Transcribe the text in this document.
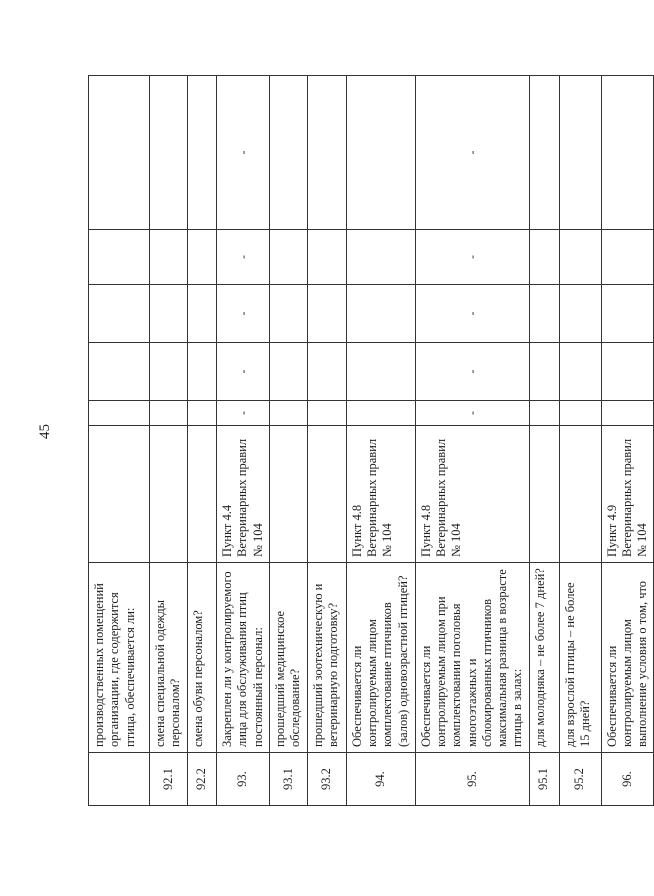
45
	производственных помещений организации, где содержится птица, обеспечивается ли:						
92.1	смена специальной одежды персоналом?						
92.2	смена обуви персоналом?						
93.	Закреплен ли у контролируемого лица для обслуживания птиц постоянный персонал:	Пункт 4.4 Ветеринарных правил № 104	-	-	-	-	-
93.1	прошедший медицинское обследование?						
93.2	прошедший зоотехническую и ветеринарную подготовку?						
94.	Обеспечивается ли контролируемым лицом комплектование птичников (залов) одновозрастной птицей?	Пункт 4.8 Ветеринарных правил № 104					
95.	Обеспечивается ли контролируемым лицом при комплектовании поголовья многоэтажных и сблокированных птичников максимальная разница в возрасте птицы в залах:	Пункт 4.8 Ветеринарных правил № 104	-	-	-	-	-
95.1	для молодняка – не более 7 дней?						
95.2	для взрослой птицы – не более 15 дней?						
96.	Обеспечивается ли контролируемым лицом выполнение условия о том, что	Пункт 4.9 Ветеринарных правил № 104					
